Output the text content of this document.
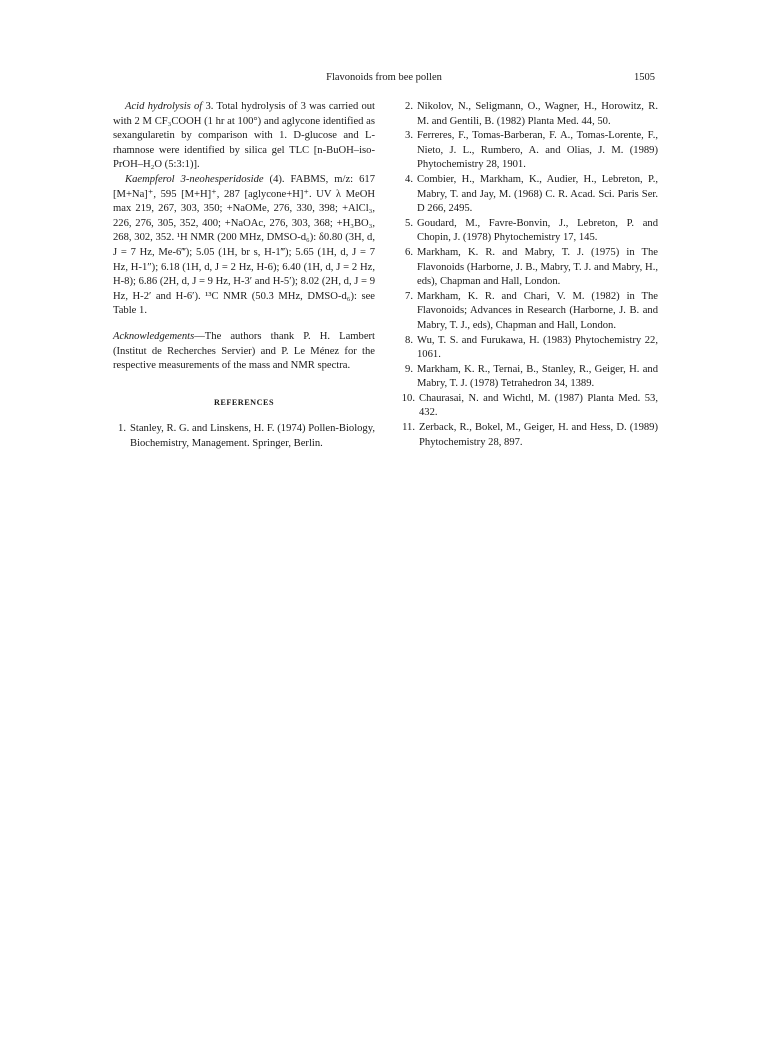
Flavonoids from bee pollen	1505

Acid hydrolysis of 3. Total hydrolysis of 3 was carried out with 2 M CF₃COOH (1 hr at 100°) and aglycone identified as sexangularetin by comparison with 1. D-glucose and L-rhamnose were identified by silica gel TLC [n-BuOH–iso-PrOH–H₂O (5:3:1)].

Kaempferol 3-neohesperidoside (4). FABMS, m/z: 617 [M+Na]⁺, 595 [M+H]⁺, 287 [aglycone+H]⁺. UV λ MeOH max 219, 267, 303, 350; +NaOMe, 276, 330, 398; +AlCl₃, 226, 276, 305, 352, 400; +NaOAc, 276, 303, 368; +H₃BO₃, 268, 302, 352. ¹H NMR (200 MHz, DMSO-d₆): δ0.80 (3H, d, J = 7 Hz, Me-6‴); 5.05 (1H, br s, H-1‴); 5.65 (1H, d, J = 7 Hz, H-1″); 6.18 (1H, d, J = 2 Hz, H-6); 6.40 (1H, d, J = 2 Hz, H-8); 6.86 (2H, d, J = 9 Hz, H-3′ and H-5′); 8.02 (2H, d, J = 9 Hz, H-2′ and H-6′). ¹³C NMR (50.3 MHz, DMSO-d₆): see Table 1.

Acknowledgements—The authors thank P. H. Lambert (Institut de Recherches Servier) and P. Le Ménez for the respective measurements of the mass and NMR spectra.

REFERENCES
1. Stanley, R. G. and Linskens, H. F. (1974) Pollen-Biology, Biochemistry, Management. Springer, Berlin.
2. Nikolov, N., Seligmann, O., Wagner, H., Horowitz, R. M. and Gentili, B. (1982) Planta Med. 44, 50.
3. Ferreres, F., Tomas-Barberan, F. A., Tomas-Lorente, F., Nieto, J. L., Rumbero, A. and Olias, J. M. (1989) Phytochemistry 28, 1901.
4. Combier, H., Markham, K., Audier, H., Lebreton, P., Mabry, T. and Jay, M. (1968) C. R. Acad. Sci. Paris Ser. D 266, 2495.
5. Goudard, M., Favre-Bonvin, J., Lebreton, P. and Chopin, J. (1978) Phytochemistry 17, 145.
6. Markham, K. R. and Mabry, T. J. (1975) in The Flavonoids (Harborne, J. B., Mabry, T. J. and Mabry, H., eds), Chapman and Hall, London.
7. Markham, K. R. and Chari, V. M. (1982) in The Flavonoids; Advances in Research (Harborne, J. B. and Mabry, T. J., eds), Chapman and Hall, London.
8. Wu, T. S. and Furukawa, H. (1983) Phytochemistry 22, 1061.
9. Markham, K. R., Ternai, B., Stanley, R., Geiger, H. and Mabry, T. J. (1978) Tetrahedron 34, 1389.
10. Chaurasai, N. and Wichtl, M. (1987) Planta Med. 53, 432.
11. Zerback, R., Bokel, M., Geiger, H. and Hess, D. (1989) Phytochemistry 28, 897.
